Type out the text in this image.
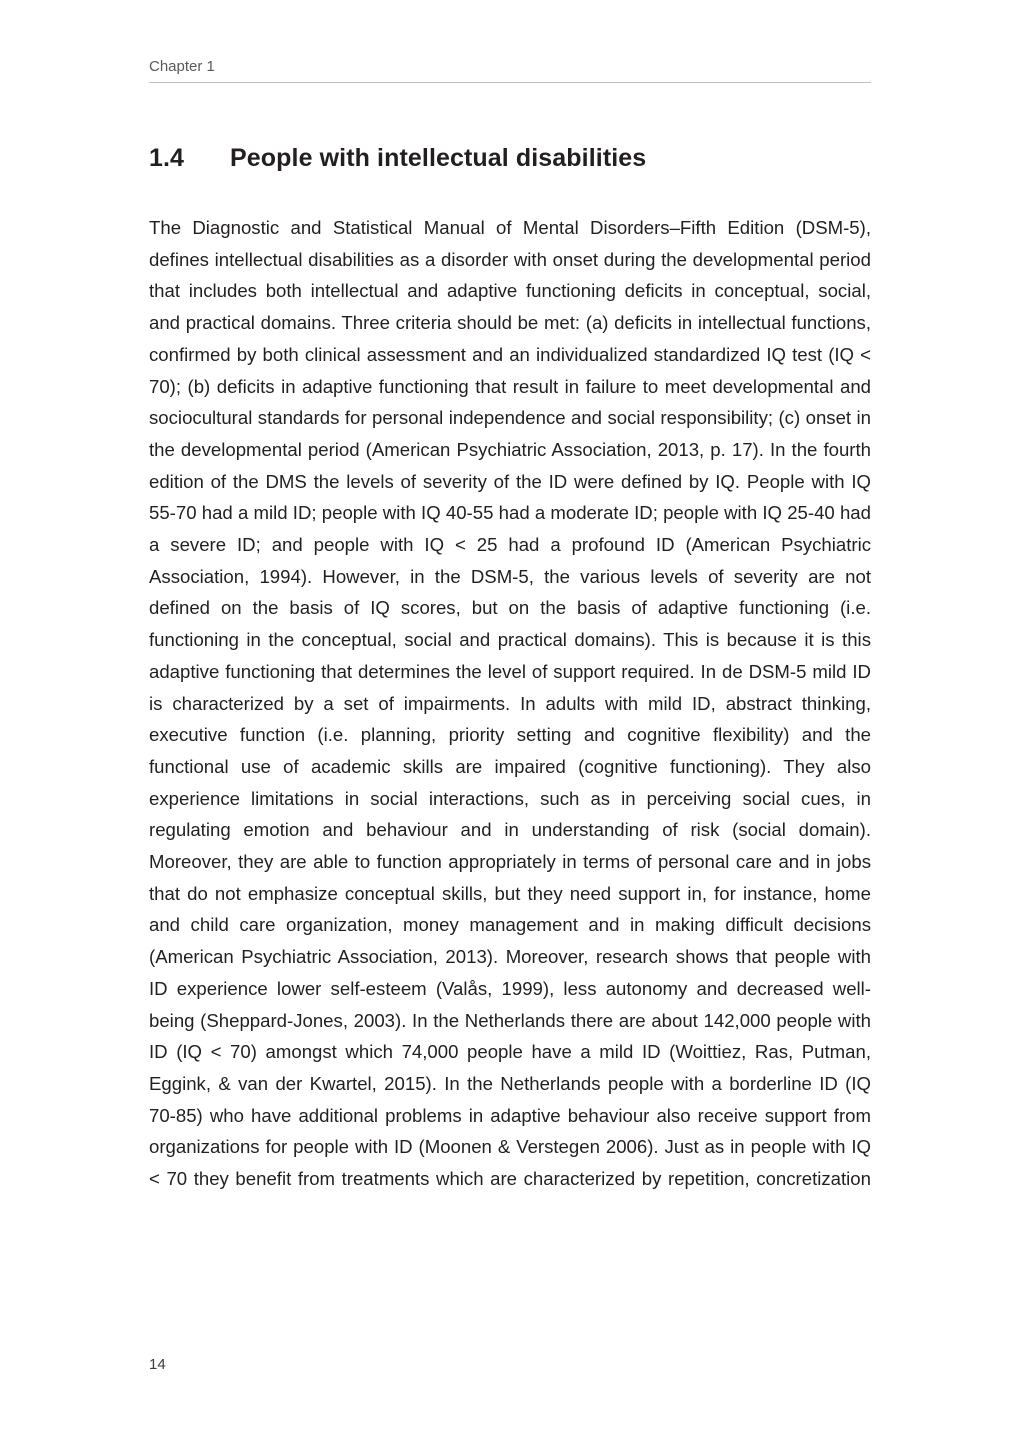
Chapter 1
1.4	People with intellectual disabilities

The Diagnostic and Statistical Manual of Mental Disorders–Fifth Edition (DSM-5), defines intellectual disabilities as a disorder with onset during the developmental period that includes both intellectual and adaptive functioning deficits in conceptual, social, and practical domains. Three criteria should be met: (a) deficits in intellectual functions, confirmed by both clinical assessment and an individualized standardized IQ test (IQ < 70); (b) deficits in adaptive functioning that result in failure to meet developmental and sociocultural standards for personal independence and social responsibility; (c) onset in the developmental period (American Psychiatric Association, 2013, p. 17). In the fourth edition of the DMS the levels of severity of the ID were defined by IQ. People with IQ 55-70 had a mild ID; people with IQ 40-55 had a moderate ID; people with IQ 25-40 had a severe ID; and people with IQ < 25 had a profound ID (American Psychiatric Association, 1994). However, in the DSM-5, the various levels of severity are not defined on the basis of IQ scores, but on the basis of adaptive functioning (i.e. functioning in the conceptual, social and practical domains). This is because it is this adaptive functioning that determines the level of support required. In de DSM-5 mild ID is characterized by a set of impairments. In adults with mild ID, abstract thinking, executive function (i.e. planning, priority setting and cognitive flexibility) and the functional use of academic skills are impaired (cognitive functioning). They also experience limitations in social interactions, such as in perceiving social cues, in regulating emotion and behaviour and in understanding of risk (social domain). Moreover, they are able to function appropriately in terms of personal care and in jobs that do not emphasize conceptual skills, but they need support in, for instance, home and child care organization, money management and in making difficult decisions (American Psychiatric Association, 2013). Moreover, research shows that people with ID experience lower self-esteem (Valås, 1999), less autonomy and decreased well-being (Sheppard-Jones, 2003). In the Netherlands there are about 142,000 people with ID (IQ < 70) amongst which 74,000 people have a mild ID (Woittiez, Ras, Putman, Eggink, & van der Kwartel, 2015). In the Netherlands people with a borderline ID (IQ 70-85) who have additional problems in adaptive behaviour also receive support from organizations for people with ID (Moonen & Verstegen 2006). Just as in people with IQ < 70 they benefit from treatments which are characterized by repetition, concretization

14
